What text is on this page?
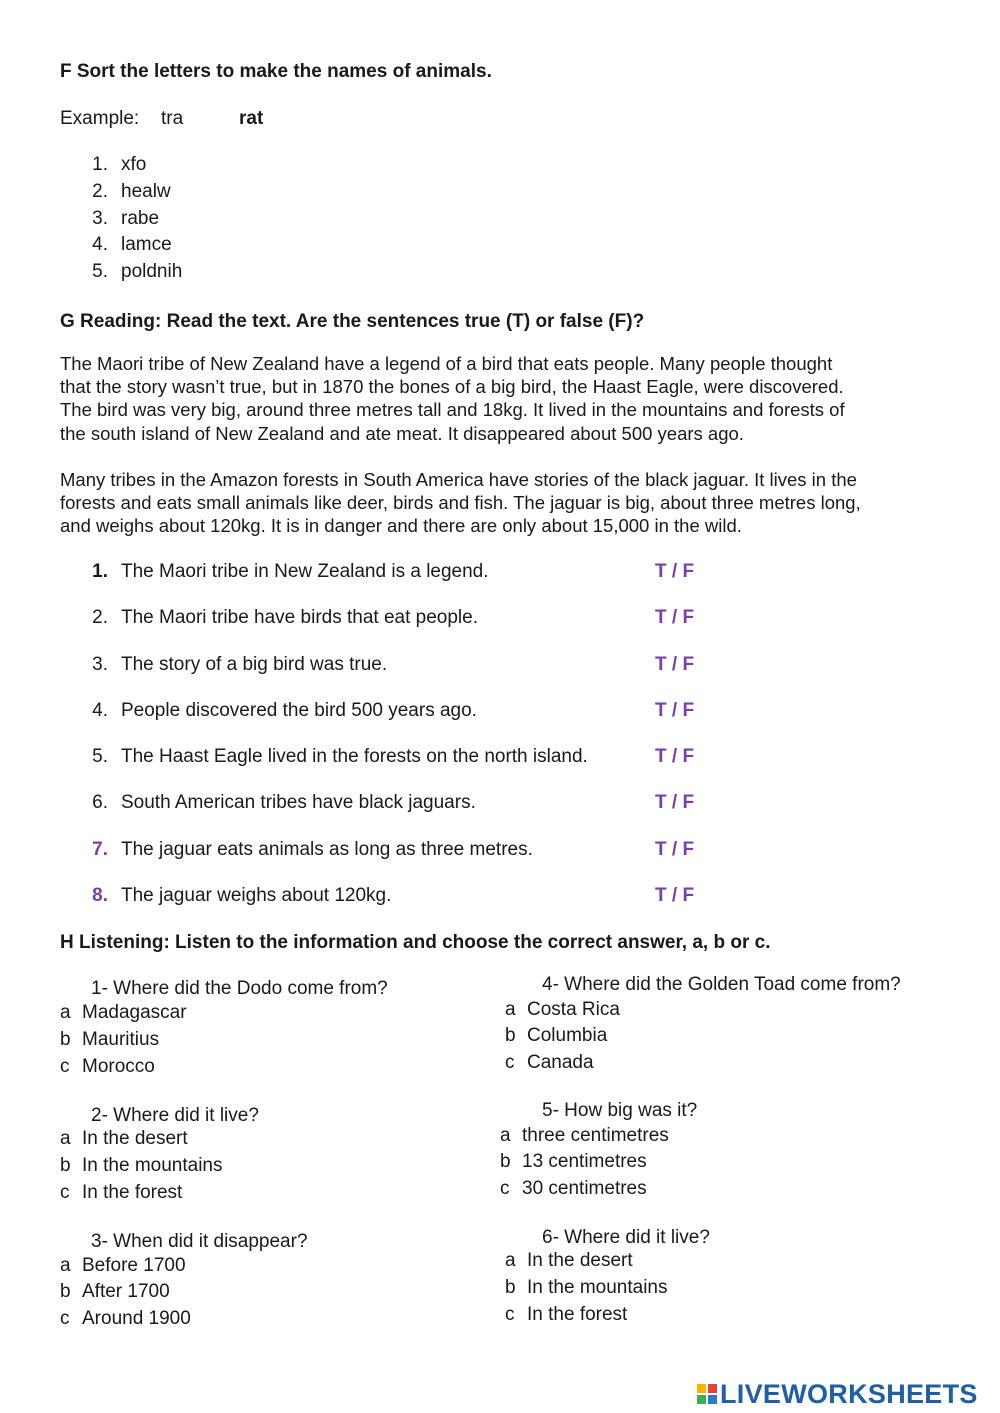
F Sort the letters to make the names of animals.
Example: tra	rat
1. xfo
2. healw
3. rabe
4. lamce
5. poldnih
G Reading: Read the text. Are the sentences true (T) or false (F)?
The Maori tribe of New Zealand have a legend of a bird that eats people. Many people thought
that the story wasn’t true, but in 1870 the bones of a big bird, the Haast Eagle, were discovered.
The bird was very big, around three metres tall and 18kg. It lived in the mountains and forests of
the south island of New Zealand and ate meat. It disappeared about 500 years ago.
Many tribes in the Amazon forests in South America have stories of the black jaguar. It lives in the
forests and eats small animals like deer, birds and fish. The jaguar is big, about three metres long,
and weighs about 120kg. It is in danger and there are only about 15,000 in the wild.
1. The Maori tribe in New Zealand is a legend.	T / F
2. The Maori tribe have birds that eat people.	T / F
3. The story of a big bird was true.	T / F
4. People discovered the bird 500 years ago.	T / F
5. The Haast Eagle lived in the forests on the north island.	T / F
6. South American tribes have black jaguars.	T / F
7. The jaguar eats animals as long as three metres.	T / F
8. The jaguar weighs about 120kg.	T / F
H Listening: Listen to the information and choose the correct answer, a, b or c.
1- Where did the Dodo come from?
a Madagascar
b Mauritius
c Morocco
2- Where did it live?
a In the desert
b In the mountains
c In the forest
3- When did it disappear?
a Before 1700
b After 1700
c Around 1900
4- Where did the Golden Toad come from?
a Costa Rica
b Columbia
c Canada
5- How big was it?
a three centimetres
b 13 centimetres
c 30 centimetres
6- Where did it live?
a In the desert
b In the mountains
c In the forest
LIVEWORKSHEETS
